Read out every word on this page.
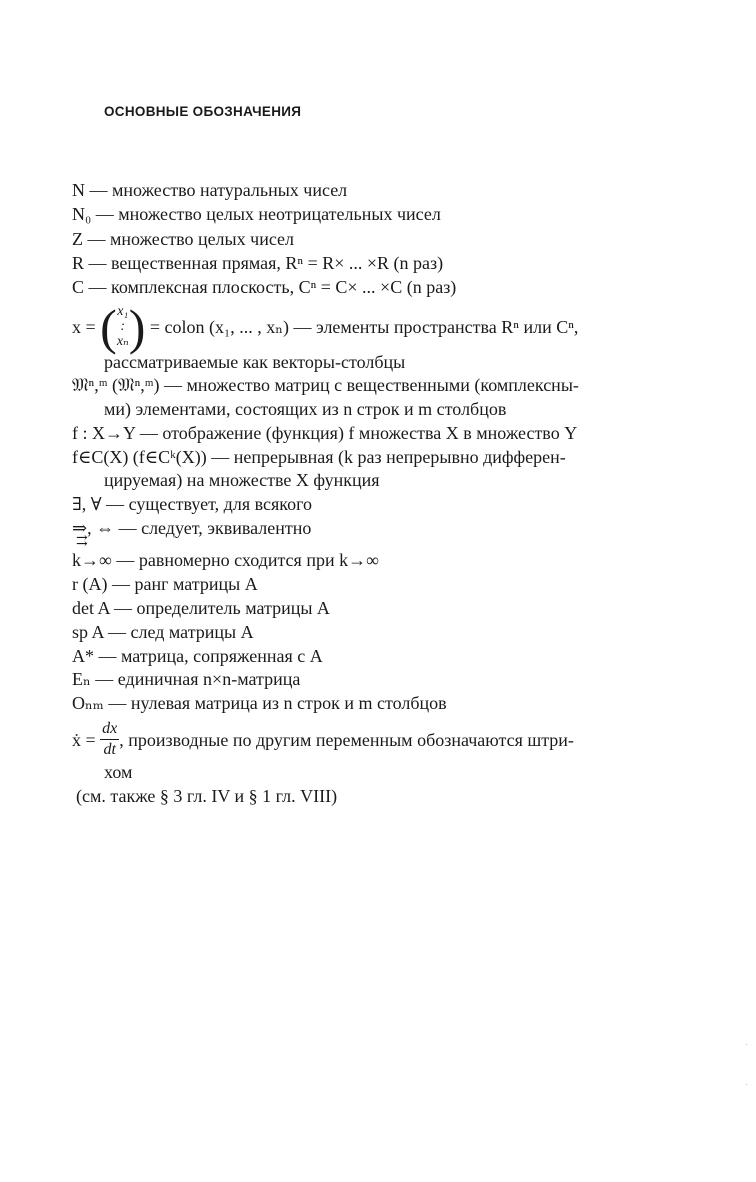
ОСНОВНЫЕ ОБОЗНАЧЕНИЯ
N — множество натуральных чисел
N₀ — множество целых неотрицательных чисел
Z — множество целых чисел
R — вещественная прямая, Rⁿ = R× ... ×R (n раз)
C — комплексная плоскость, Cⁿ = C× ... ×C (n раз)
x = ( x₁
:
xₙ ) = colon (x₁, ... , xₙ) — элементы пространства Rⁿ или Cⁿ,
рассматриваемые как векторы-столбцы
𝔐ⁿ,ᵐ (𝔐ⁿ,ᵐ) — множество матриц с вещественными (комплексны-
ми) элементами, состоящих из n строк и m столбцов
f : X→Y — отображение (функция) f множества X в множество Y
f∈C(X) (f∈Cᵏ(X)) — непрерывная (k раз непрерывно дифферен-
цируемая) на множестве X функция
∃, ∀ — существует, для всякого
⇒, ⇔ — следует, эквивалентно
⇉
k→∞ — равномерно сходится при k→∞
r (A) — ранг матрицы A
det A — определитель матрицы A
sp A — след матрицы A
A* — матрица, сопряженная с A
Eₙ — единичная n×n-матрица
Oₙₘ — нулевая матрица из n строк и m столбцов
ẋ = $\frac{dx}{dt}$ , производные по другим переменным обозначаются штри-
хом
(см. также § 3 гл. IV и § 1 гл. VIII)
·
·
